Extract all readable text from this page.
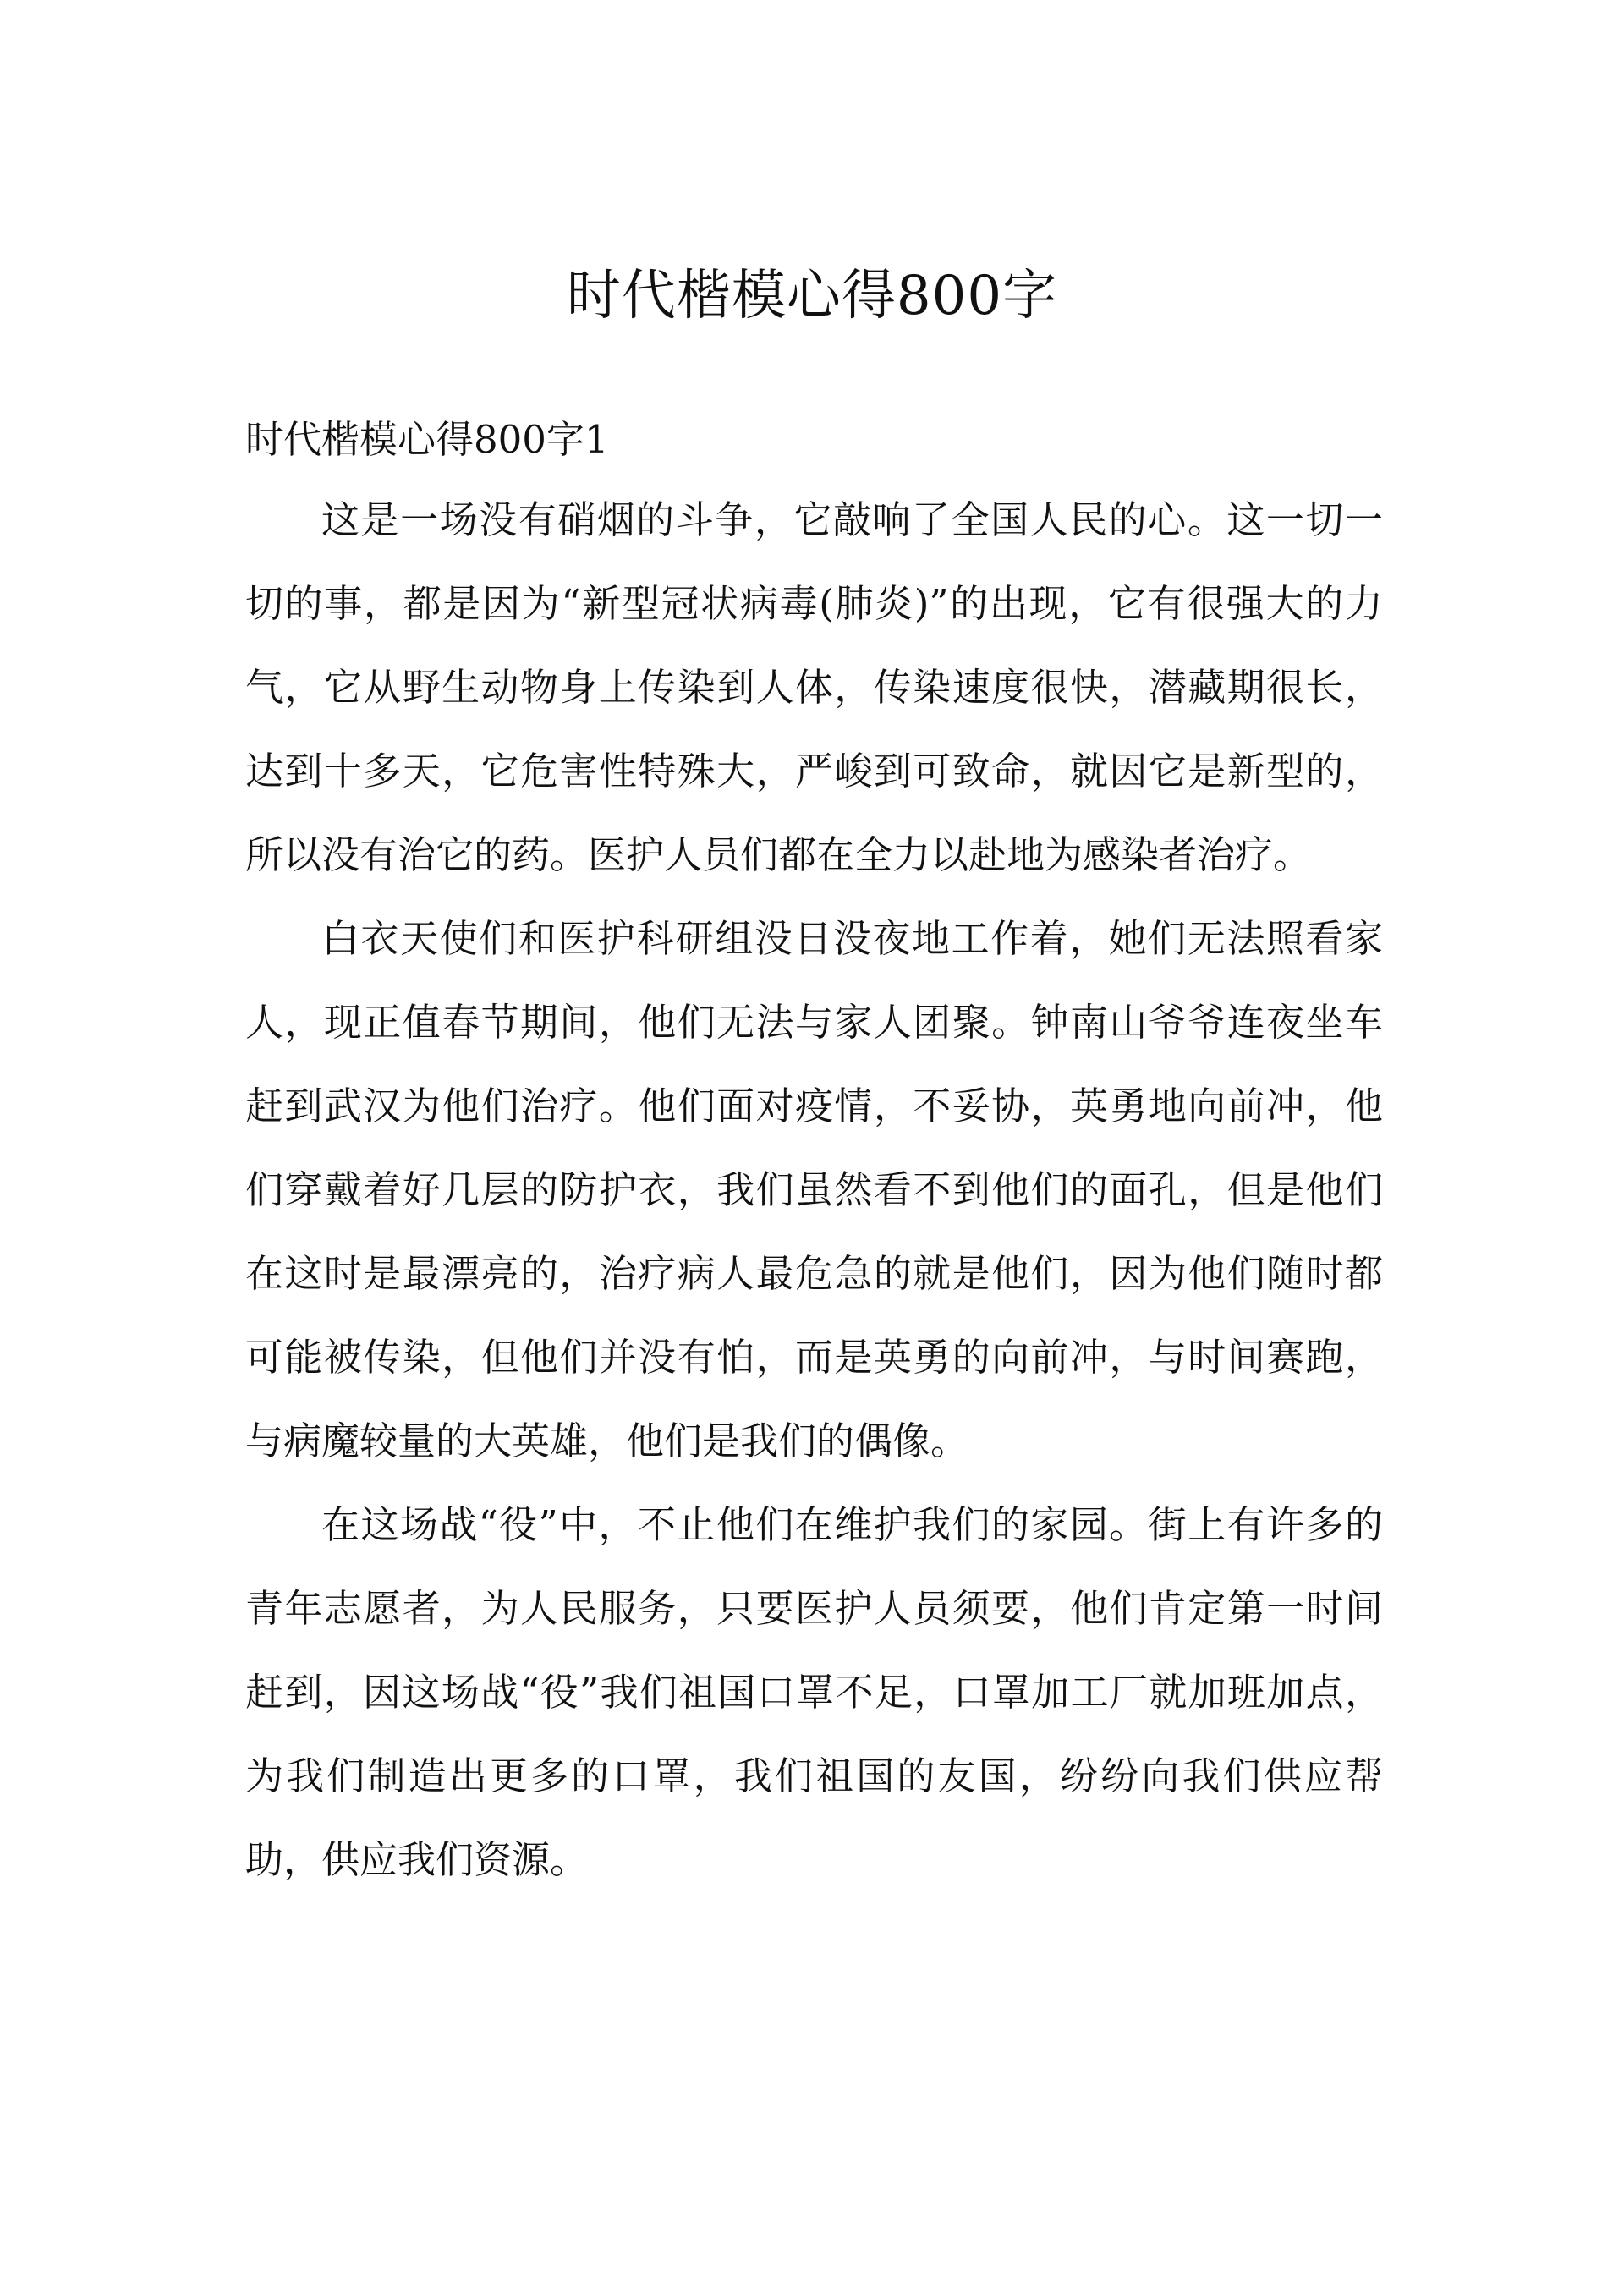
时代楷模心得800字
时代楷模心得800字1

这是一场没有硝烟的斗争，它敲响了全国人民的心。这一切一切的事，都是因为“新型冠状病毒(肺炎)”的出现，它有很强大的力气，它从野生动物身上传染到人体，传染速度很快，潜藏期很长，达到十多天，它危害性特殊大，严峻到可致命，就因它是新型的，所以没有治它的药。医护人员们都在全力以赴地为感染者治疗。

白衣天使们和医护科研组没日没夜地工作着，她们无法照看家人，现正值春节期间，他们无法与家人团聚。钟南山爷爷连夜坐车赶到武汉为他们治疗。他们面对疫情，不妥协，英勇地向前冲，他们穿戴着好几层的防护衣，我们虽然看不到他们的面孔，但是他们在这时是最漂亮的，治疗病人最危急的就是他们，因为他们随时都可能被传染，但他们并没有怕，而是英勇的向前冲，与时间赛跑，与病魔较量的大英雄，他们是我们的偶像。

在这场战“役”中，不止他们在维护我们的家园。街上有许多的青年志愿者，为人民服务，只要医护人员须要，他们肯定第一时间赶到，因这场战“役”我们祖国口罩不足，口罩加工厂就加班加点，为我们制造出更多的口罩，我们祖国的友国，纷纷向我们供应帮助，供应我们资源。
